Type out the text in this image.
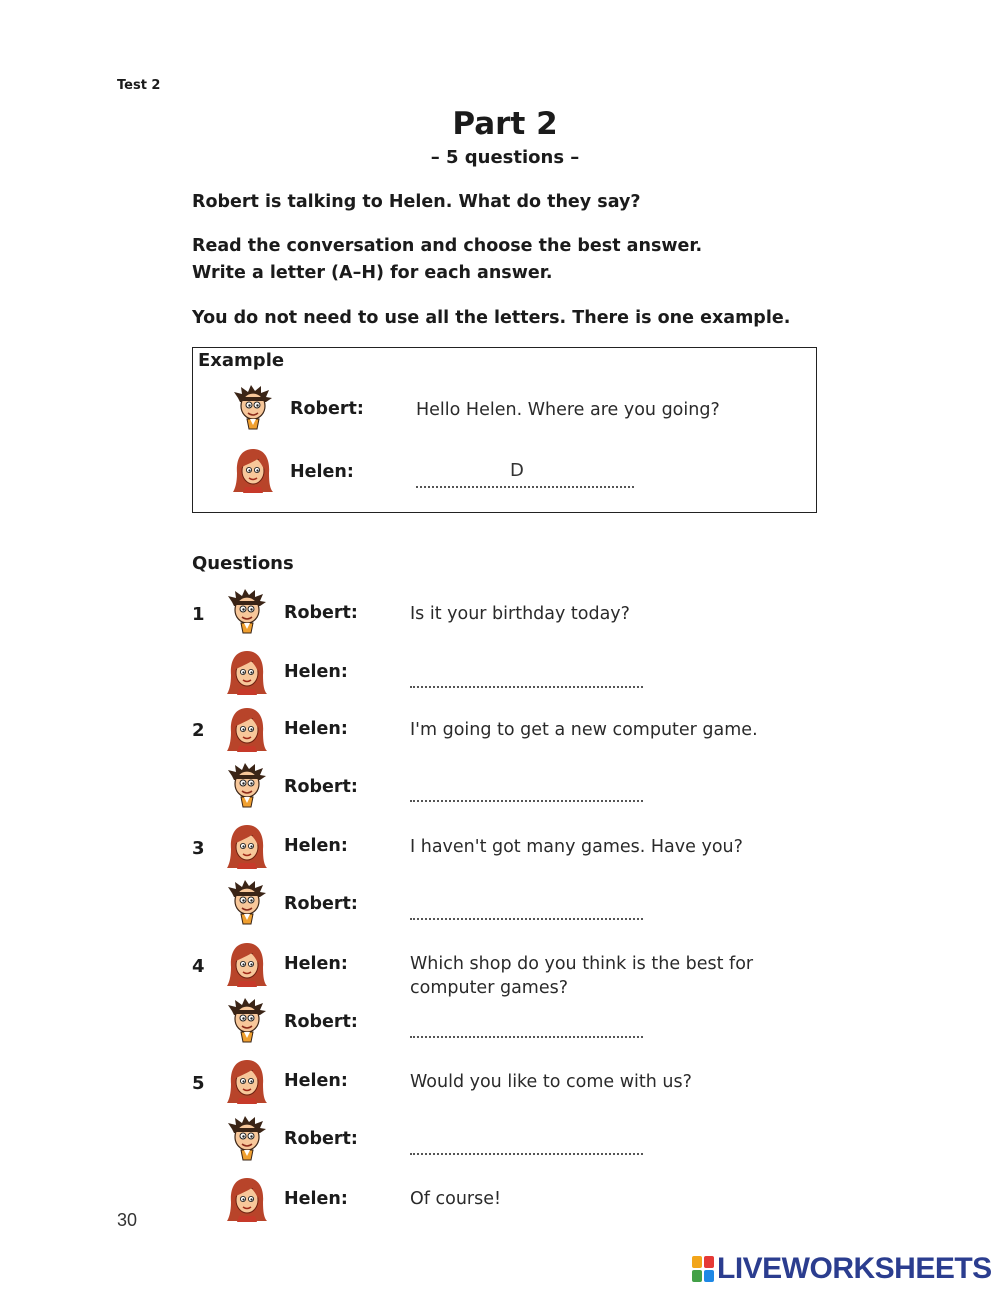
Test 2
Part 2
– 5 questions –
Robert is talking to Helen. What do they say?
Read the conversation and choose the best answer.
Write a letter (A–H) for each answer.
You do not need to use all the letters. There is one example.
Example
Robert:	Hello Helen. Where are you going?
Helen:	D
Questions
1	Robert:	Is it your birthday today?
Helen:
2	Helen:	I'm going to get a new computer game.
Robert:
3	Helen:	I haven't got many games. Have you?
Robert:
4	Helen:	Which shop do you think is the best for
computer games?
Robert:
5	Helen:	Would you like to come with us?
Robert:
Helen:	Of course!
30
LIVEWORKSHEETS
